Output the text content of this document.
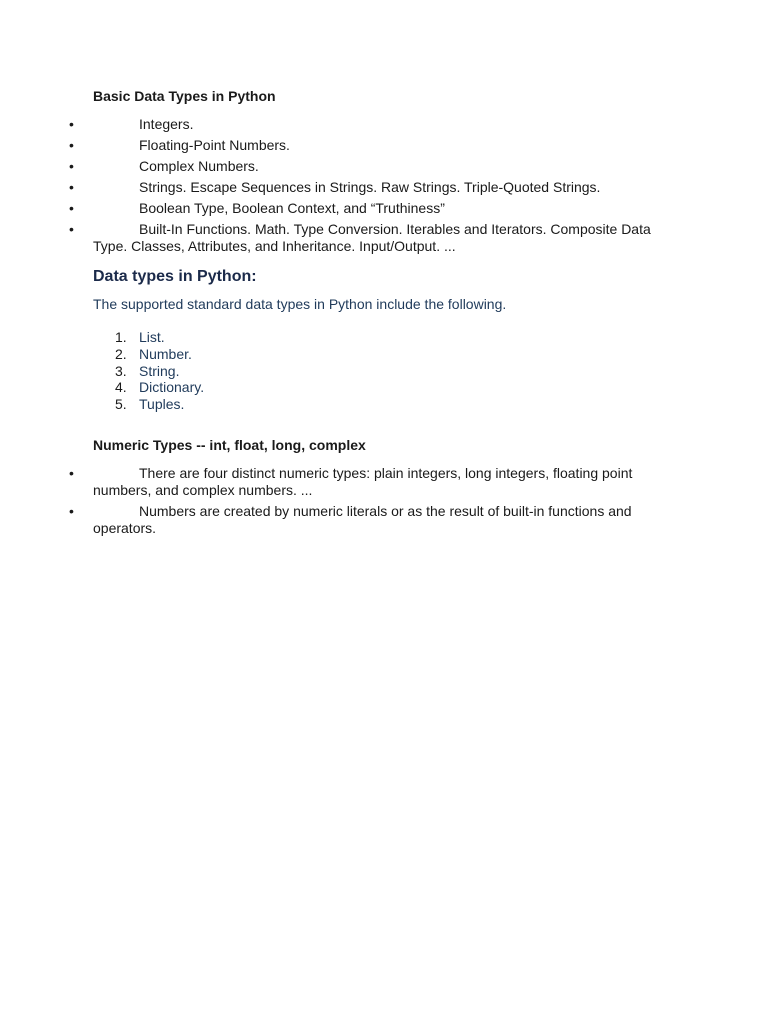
Basic Data Types in Python
•	Integers.
•	Floating-Point Numbers.
•	Complex Numbers.
•	Strings. Escape Sequences in Strings. Raw Strings. Triple-Quoted Strings.
•	Boolean Type, Boolean Context, and “Truthiness”
•	Built-In Functions. Math. Type Conversion. Iterables and Iterators. Composite Data Type. Classes, Attributes, and Inheritance. Input/Output. ...
Data types in Python:
The supported standard data types in Python include the following.
1. List.
2. Number.
3. String.
4. Dictionary.
5. Tuples.
Numeric Types -- int, float, long, complex
•	There are four distinct numeric types: plain integers, long integers, floating point numbers, and complex numbers. ...
•	Numbers are created by numeric literals or as the result of built-in functions and operators.
